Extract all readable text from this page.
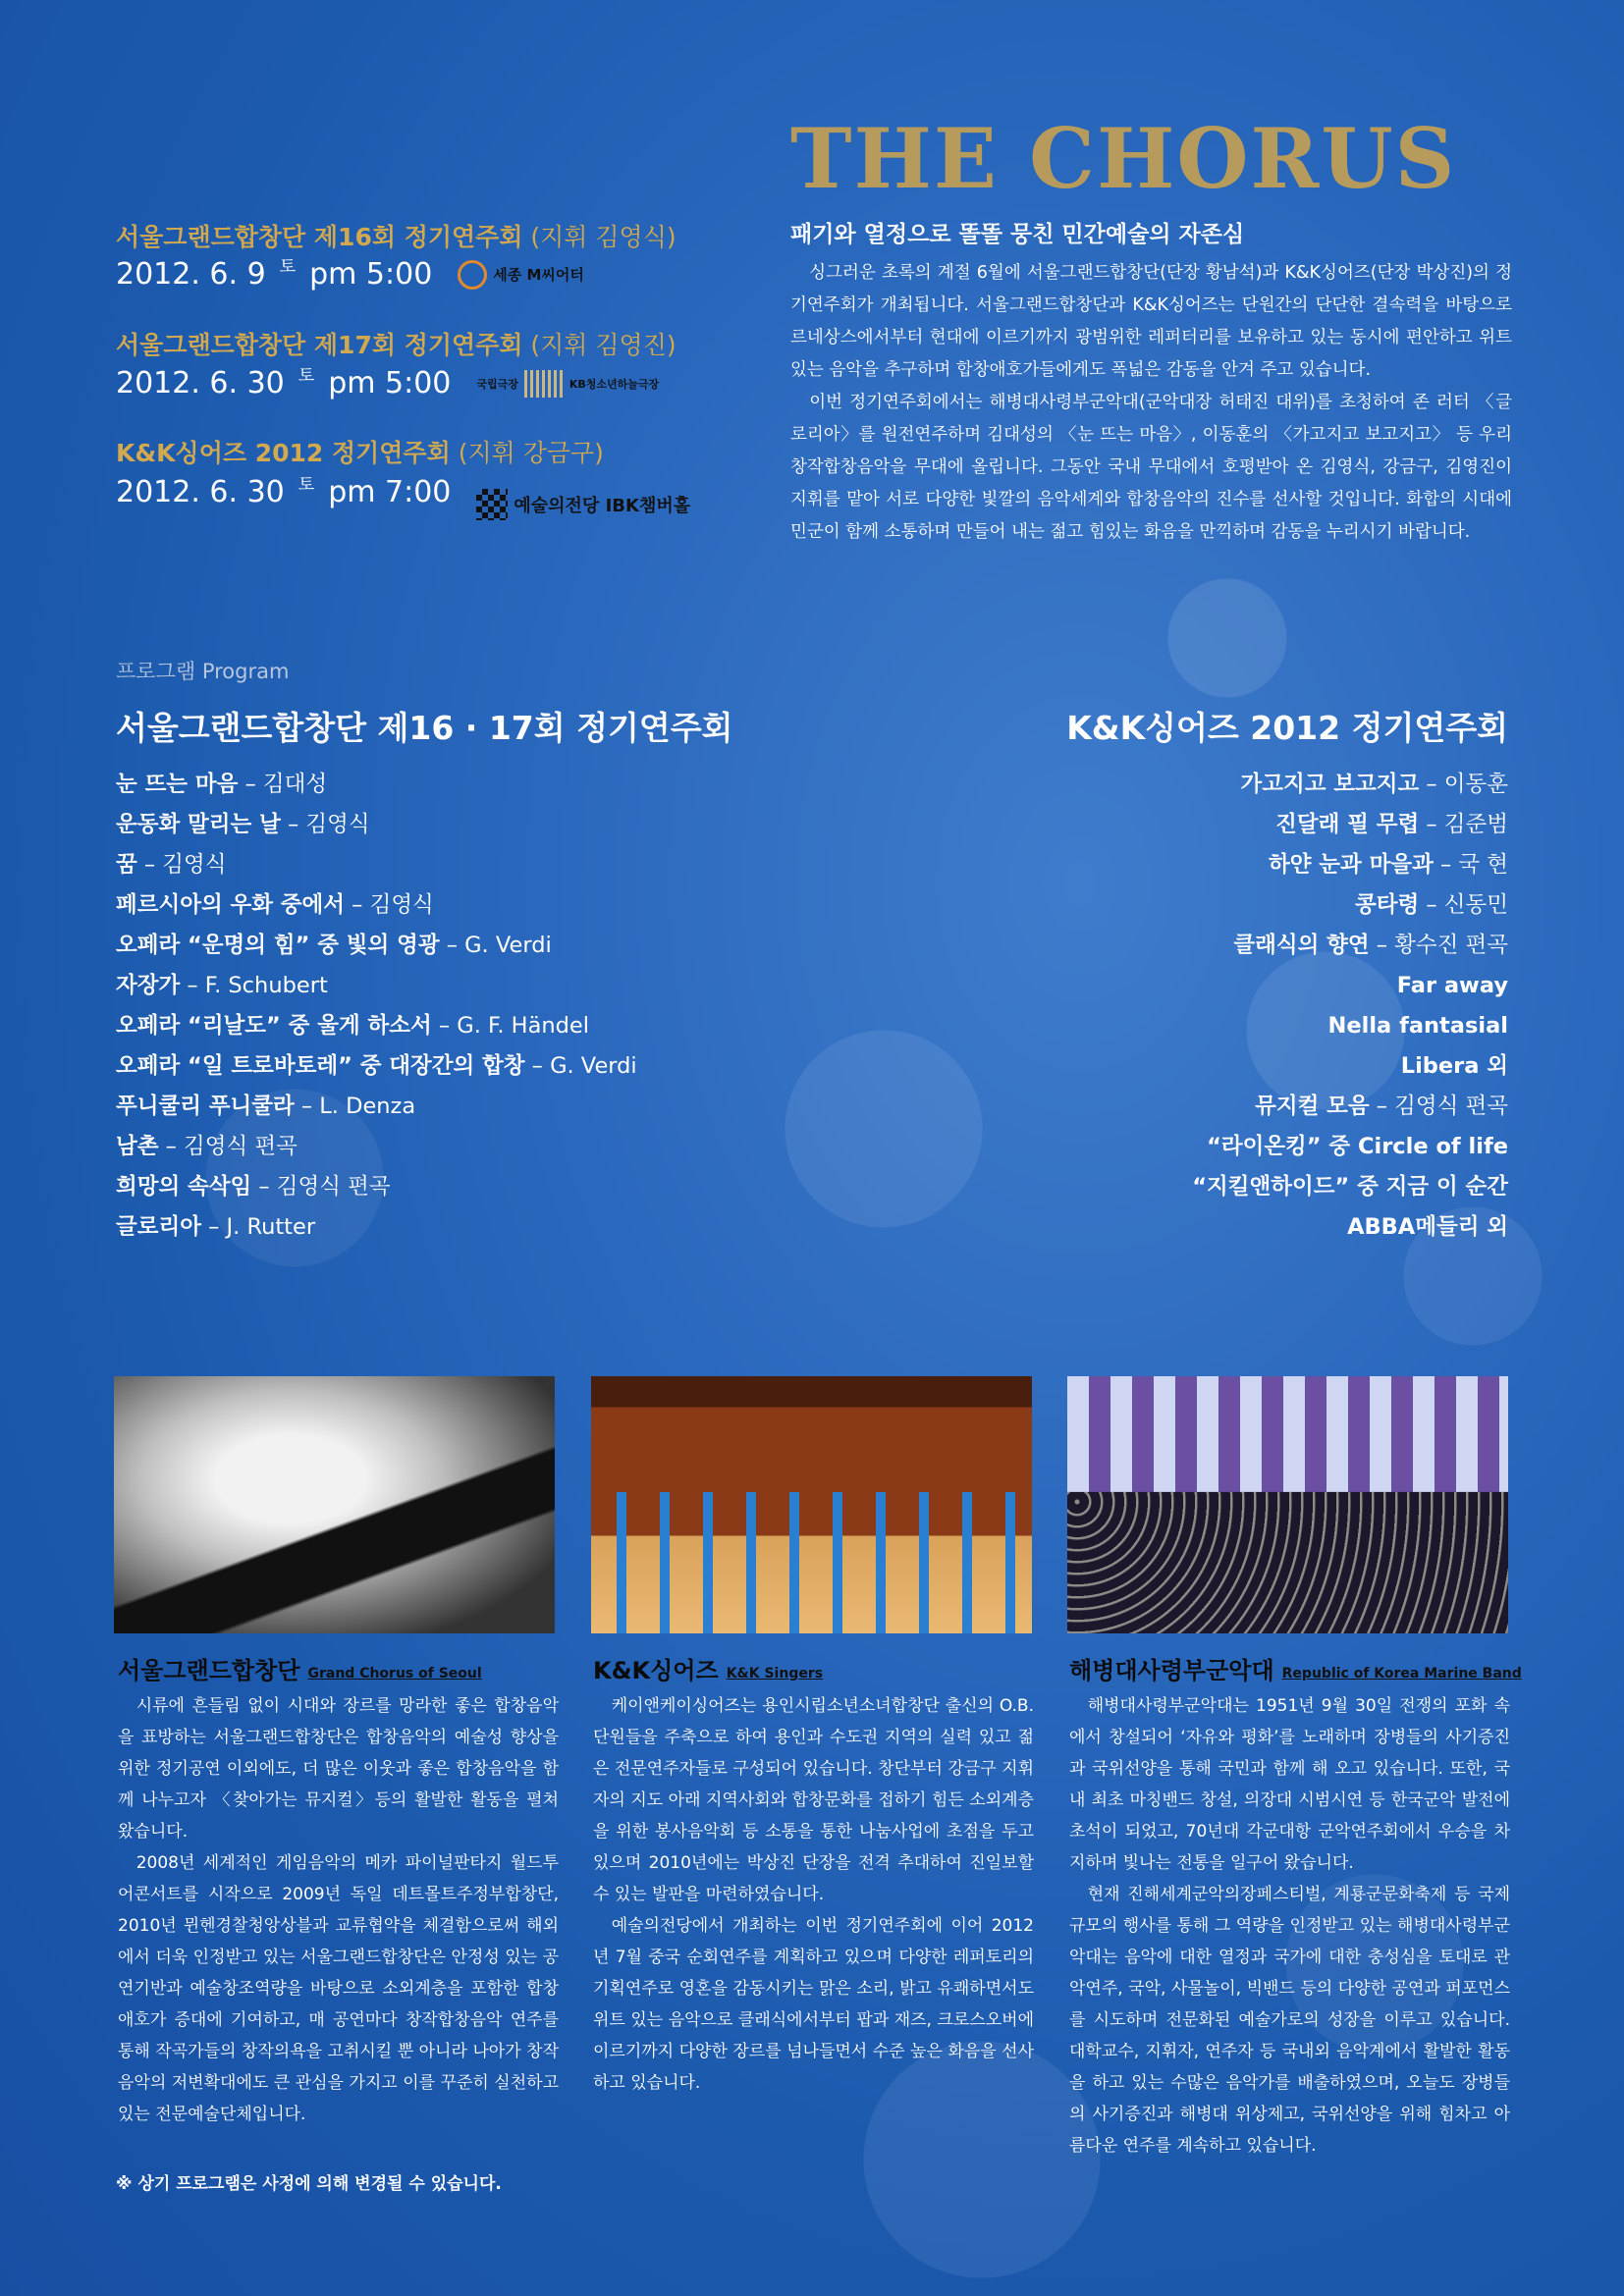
THE CHORUS
패기와 열정으로 똘똘 뭉친 민간예술의 자존심

싱그러운 초록의 계절 6월에 서울그랜드합창단(단장 황남석)과 K&K싱어즈(단장 박상진)의 정기연주회가 개최됩니다. 서울그랜드합창단과 K&K싱어즈는 단원간의 단단한 결속력을 바탕으로 르네상스에서부터 현대에 이르기까지 광범위한 레퍼터리를 보유하고 있는 동시에 편안하고 위트 있는 음악을 추구하며 합창애호가들에게도 폭넓은 감동을 안겨 주고 있습니다.

이번 정기연주회에서는 해병대사령부군악대(군악대장 허태진 대위)를 초청하여 존 러터 〈글로리아〉를 원전연주하며 김대성의 〈눈 뜨는 마음〉, 이동훈의 〈가고지고 보고지고〉 등 우리 창작합창음악을 무대에 올립니다. 그동안 국내 무대에서 호평받아 온 김영식, 강금구, 김영진이 지휘를 맡아 서로 다양한 빛깔의 음악세계와 합창음악의 진수를 선사할 것입니다. 화합의 시대에 민군이 함께 소통하며 만들어 내는 젊고 힘있는 화음을 만끽하며 감동을 누리시기 바랍니다.

서울그랜드합창단 제16회 정기연주회 (지휘 김영식)
2012. 6. 9 토 pm 5:00	세종 M씨어터
서울그랜드합창단 제17회 정기연주회 (지휘 김영진)
2012. 6. 30 토 pm 5:00 국립극장	KB청소년하늘극장
K&K싱어즈 2012 정기연주회 (지휘 강금구)
2012. 6. 30 토 pm 7:00	예술의전당 IBK챔버홀
프로그램 Program
서울그랜드합창단 제16 · 17회 정기연주회	K&K싱어즈 2012 정기연주회
눈 뜨는 마음 – 김대성
운동화 말리는 날 – 김영식
꿈 – 김영식
페르시아의 우화 중에서 – 김영식
오페라 “운명의 힘” 중 빛의 영광 – G. Verdi
자장가 – F. Schubert
오페라 “리날도” 중 울게 하소서 – G. F. Händel
오페라 “일 트로바토레” 중 대장간의 합창 – G. Verdi
푸니쿨리 푸니쿨라 – L. Denza
남촌 – 김영식 편곡
희망의 속삭임 – 김영식 편곡
글로리아 – J. Rutter
가고지고 보고지고 – 이동훈
진달래 필 무렵 – 김준범
하얀 눈과 마을과 – 국 현
콩타령 – 신동민
클래식의 향연 – 황수진 편곡
Far away
Nella fantasial
Libera 외
뮤지컬 모음 – 김영식 편곡
“라이온킹” 중 Circle of life
“지킬앤하이드” 중 지금 이 순간
ABBA메들리 외
서울그랜드합창단 Grand Chorus of Seoul	K&K싱어즈 K&K Singers	해병대사령부군악대 Republic of Korea Marine Band

시류에 흔들림 없이 시대와 장르를 망라한 좋은 합창음악을 표방하는 서울그랜드합창단은 합창음악의 예술성 향상을 위한 정기공연 이외에도, 더 많은 이웃과 좋은 합창음악을 함께 나누고자 〈찾아가는 뮤지컬〉등의 활발한 활동을 펼쳐 왔습니다.

2008년 세계적인 게임음악의 메카 파이널판타지 월드투어콘서트를 시작으로 2009년 독일 데트몰트주정부합창단, 2010년 뮌헨경찰청앙상블과 교류협약을 체결함으로써 해외에서 더욱 인정받고 있는 서울그랜드합창단은 안정성 있는 공연기반과 예술창조역량을 바탕으로 소외계층을 포함한 합창애호가 증대에 기여하고, 매 공연마다 창작합창음악 연주를 통해 작곡가들의 창작의욕을 고취시킬 뿐 아니라 나아가 창작음악의 저변확대에도 큰 관심을 가지고 이를 꾸준히 실천하고 있는 전문예술단체입니다.

케이앤케이싱어즈는 용인시립소년소녀합창단 출신의 O.B. 단원들을 주축으로 하여 용인과 수도권 지역의 실력 있고 젊은 전문연주자들로 구성되어 있습니다. 창단부터 강금구 지휘자의 지도 아래 지역사회와 합창문화를 접하기 힘든 소외계층을 위한 봉사음악회 등 소통을 통한 나눔사업에 초점을 두고 있으며 2010년에는 박상진 단장을 전격 추대하여 진일보할 수 있는 발판을 마련하였습니다.

예술의전당에서 개최하는 이번 정기연주회에 이어 2012년 7월 중국 순회연주를 계획하고 있으며 다양한 레퍼토리의 기획연주로 영혼을 감동시키는 맑은 소리, 밝고 유쾌하면서도 위트 있는 음악으로 클래식에서부터 팝과 재즈, 크로스오버에 이르기까지 다양한 장르를 넘나들면서 수준 높은 화음을 선사하고 있습니다.

해병대사령부군악대는 1951년 9월 30일 전쟁의 포화 속에서 창설되어 ‘자유와 평화’를 노래하며 장병들의 사기증진과 국위선양을 통해 국민과 함께 해 오고 있습니다. 또한, 국내 최초 마칭밴드 창설, 의장대 시범시연 등 한국군악 발전에 초석이 되었고, 70년대 각군대항 군악연주회에서 우승을 차지하며 빛나는 전통을 일구어 왔습니다.

현재 진해세계군악의장페스티벌, 계룡군문화축제 등 국제규모의 행사를 통해 그 역량을 인정받고 있는 해병대사령부군악대는 음악에 대한 열정과 국가에 대한 충성심을 토대로 관악연주, 국악, 사물놀이, 빅밴드 등의 다양한 공연과 퍼포먼스를 시도하며 전문화된 예술가로의 성장을 이루고 있습니다. 대학교수, 지휘자, 연주자 등 국내외 음악계에서 활발한 활동을 하고 있는 수많은 음악가를 배출하였으며, 오늘도 장병들의 사기증진과 해병대 위상제고, 국위선양을 위해 힘차고 아름다운 연주를 계속하고 있습니다.

※ 상기 프로그램은 사정에 의해 변경될 수 있습니다.
